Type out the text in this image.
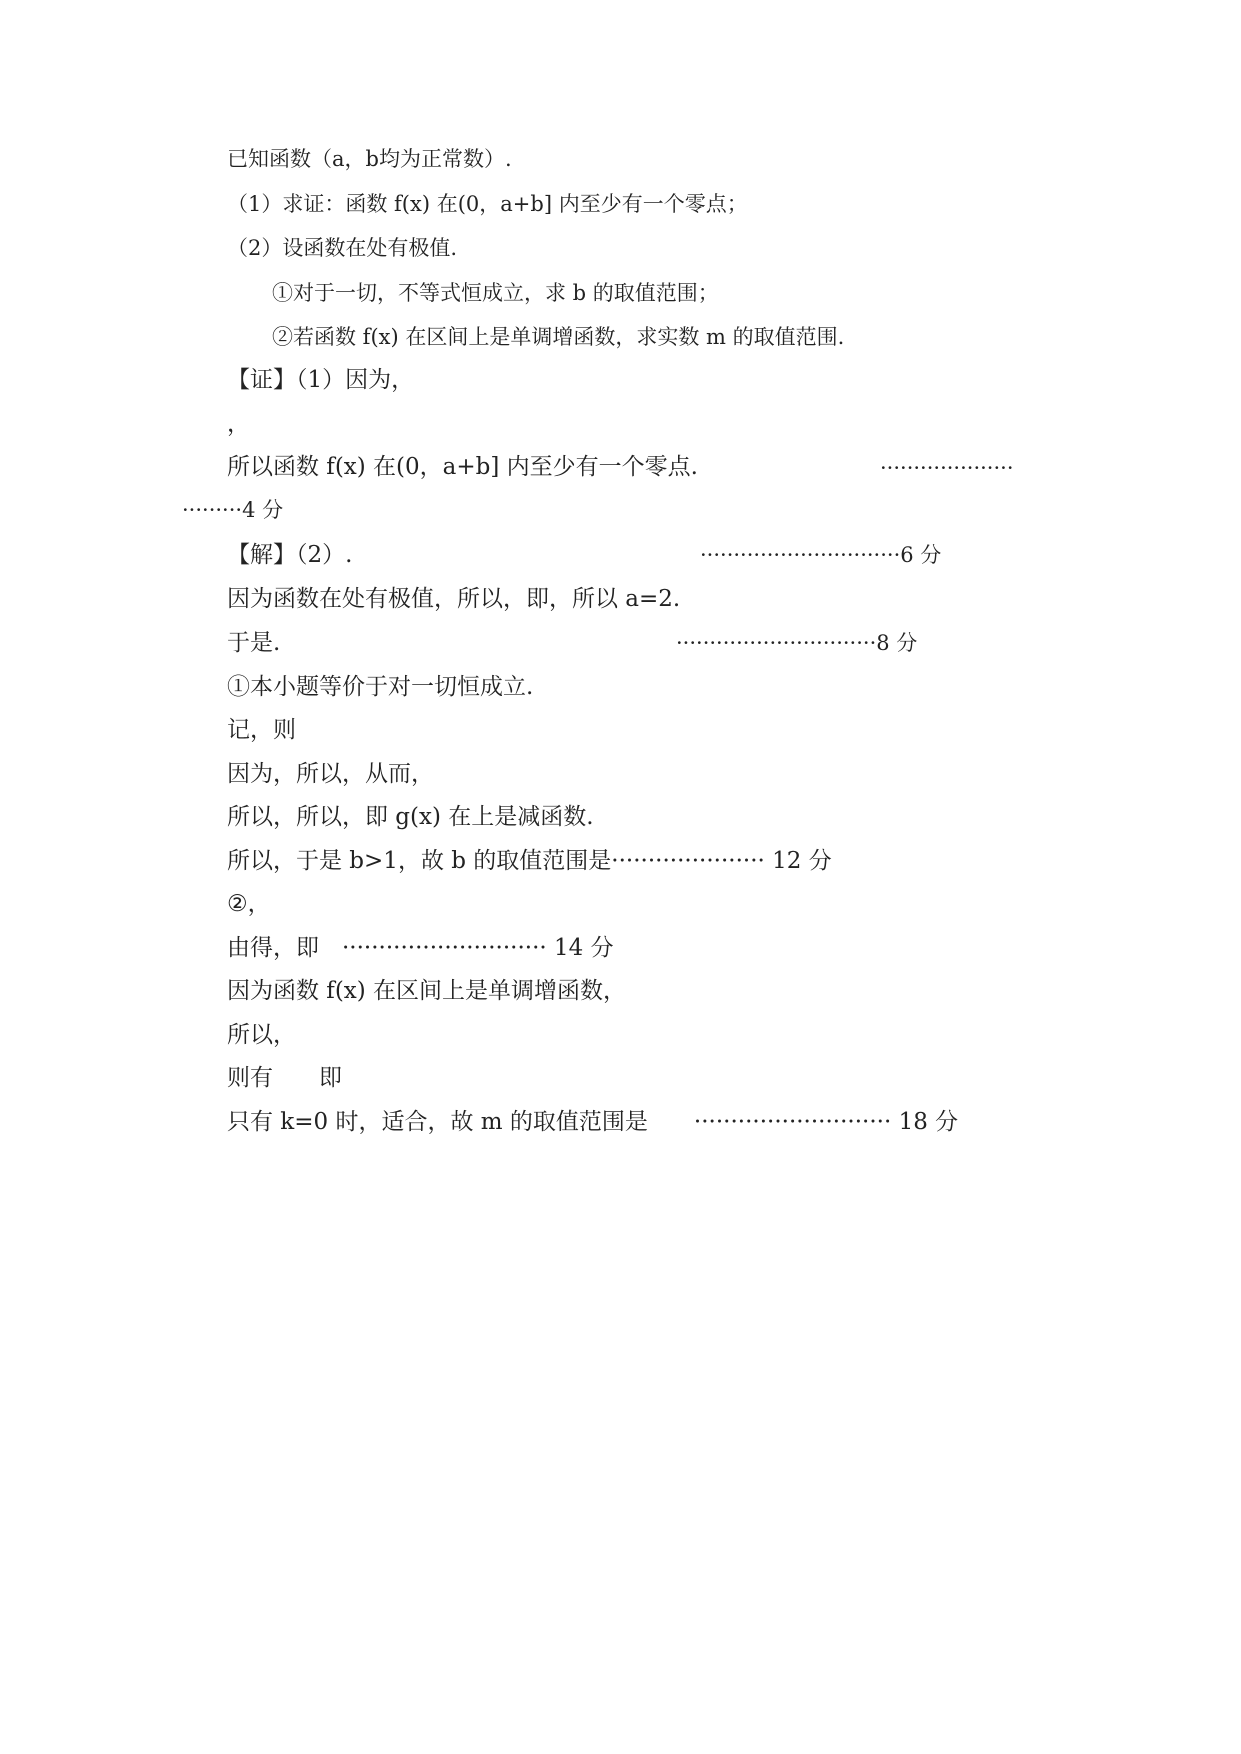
已知函数（a，b均为正常数）.
（1）求证：函数 f(x) 在(0，a+b] 内至少有一个零点；
（2）设函数在处有极值.
①对于一切，不等式恒成立，求 b 的取值范围；
②若函数 f(x) 在区间上是单调增函数，求实数 m 的取值范围.
【证】（1）因为，
，
所以函数 f(x) 在(0，a+b] 内至少有一个零点.	····················
·········4 分
【解】（2）.	······························6 分
因为函数在处有极值，所以，即，所以 a=2.
于是.	······························8 分
①本小题等价于对一切恒成立.
记，则
因为，所以，从而，
所以，所以，即 g(x) 在上是减函数.
所以，于是 b>1，故 b 的取值范围是····················· 12 分
②，
由得，即　···························· 14 分
因为函数 f(x) 在区间上是单调增函数，
所以，
则有　　即
只有 k=0 时，适合，故 m 的取值范围是　　··························· 18 分
